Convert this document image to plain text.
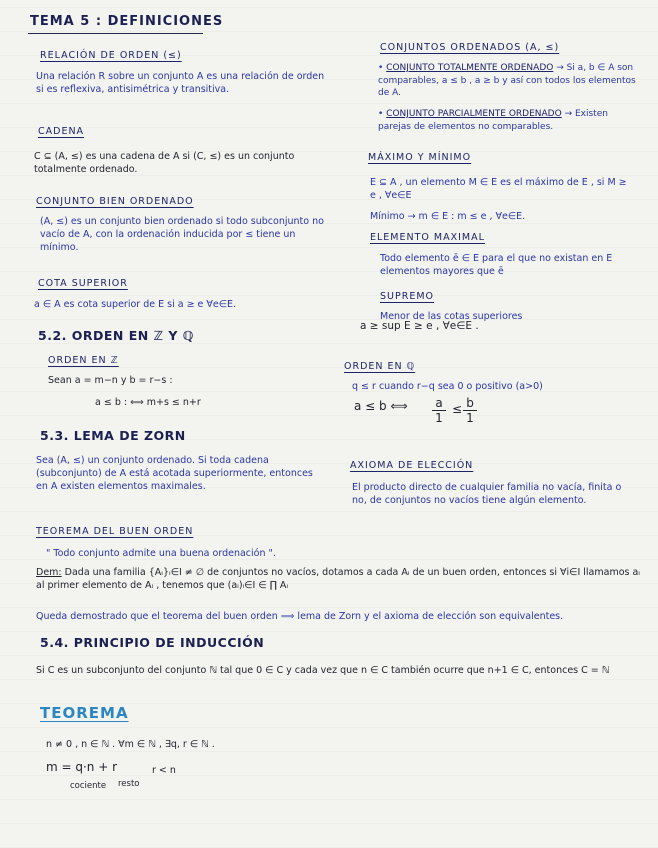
TEMA 5 : DEFINICIONES
RELACIÓN DE ORDEN (≤)
Una relación R sobre un conjunto A es una relación de orden si es reflexiva, antisimétrica y transitiva.
CADENA
C ⊆ (A, ≤) es una cadena de A si (C, ≤) es un conjunto totalmente ordenado.
CONJUNTO BIEN ORDENADO
(A, ≤) es un conjunto bien ordenado si todo subconjunto no vacío de A, con la ordenación inducida por ≤ tiene un mínimo.
COTA SUPERIOR
a ∈ A es cota superior de E si a ≥ e ∀e∈E.
5.2. ORDEN EN ℤ Y ℚ
ORDEN EN ℤ
Sean a = m−n y b = r−s :
a ≤ b : ⟺ m+s ≤ n+r
5.3. LEMA DE ZORN
Sea (A, ≤) un conjunto ordenado. Si toda cadena (subconjunto) de A está acotada superiormente, entonces en A existen elementos maximales.
TEOREMA DEL BUEN ORDEN
CONJUNTOS ORDENADOS (A, ≤)
• CONJUNTO TOTALMENTE ORDENADO → Si a, b ∈ A son comparables, a ≤ b , a ≥ b y así con todos los elementos de A.
• CONJUNTO PARCIALMENTE ORDENADO → Existen parejas de elementos no comparables.
MÁXIMO Y MÍNIMO
E ⊆ A , un elemento M ∈ E es el máximo de E , si M ≥ e , ∀e∈E
Mínimo → m ∈ E : m ≤ e , ∀e∈E.
ELEMENTO MAXIMAL
Todo elemento ē ∈ E para el que no existan en E elementos mayores que ē
SUPREMO
Menor de las cotas superiores
a ≥ sup E ≥ e , ∀e∈E .
ORDEN EN ℚ
q ≤ r cuando r−q sea 0 o positivo (a>0)
a ≤ b ⟺ $\frac{a}{1} \le \frac{b}{1}$
AXIOMA DE ELECCIÓN
El producto directo de cualquier familia no vacía, finita o no, de conjuntos no vacíos tiene algún elemento.
" Todo conjunto admite una buena ordenación ".
Dem: Dada una familia {Aᵢ}ᵢ∈I ≠ ∅ de conjuntos no vacíos, dotamos a cada Aᵢ de un buen orden, entonces si ∀i∈I llamamos aᵢ al primer elemento de Aᵢ , tenemos que (aᵢ)ᵢ∈I ∈ ∏ Aᵢ
Queda demostrado que el teorema del buen orden ⟹ lema de Zorn y el axioma de elección son equivalentes.
5.4. PRINCIPIO DE INDUCCIÓN
Si C es un subconjunto del conjunto ℕ tal que 0 ∈ C y cada vez que n ∈ C también ocurre que n+1 ∈ C, entonces C = ℕ
TEOREMA
n ≠ 0 , n ∈ ℕ . ∀m ∈ ℕ , ∃q, r ∈ ℕ .
m = q·n + r	r < n
cociente resto
